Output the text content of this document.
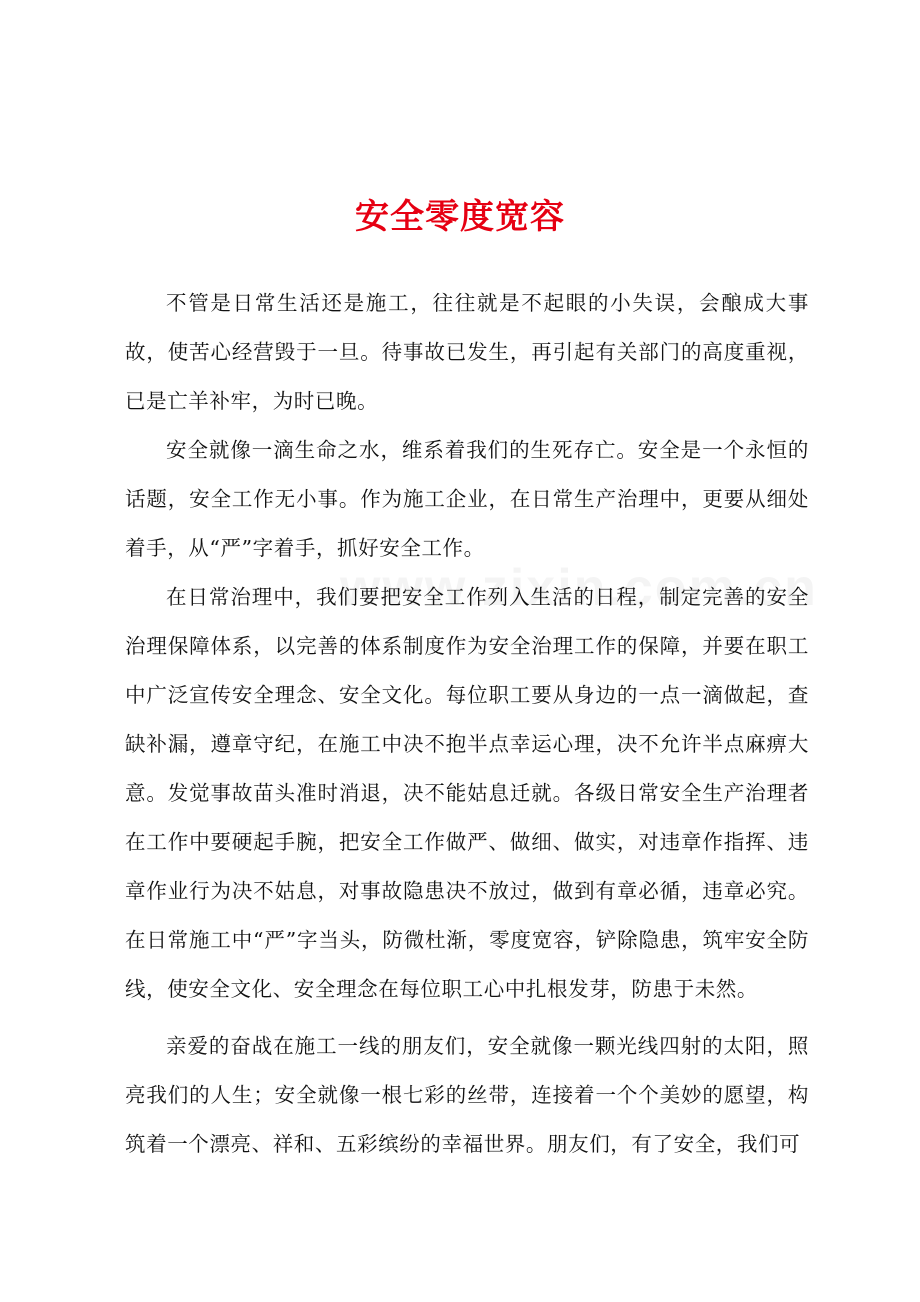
安全零度宽容

不管是日常生活还是施工，往往就是不起眼的小失误，会酿成大事故，使苦心经营毁于一旦。待事故已发生，再引起有关部门的高度重视，已是亡羊补牢，为时已晚。

安全就像一滴生命之水，维系着我们的生死存亡。安全是一个永恒的话题，安全工作无小事。作为施工企业，在日常生产治理中，更要从细处着手，从“严”字着手，抓好安全工作。

在日常治理中，我们要把安全工作列入生活的日程，制定完善的安全治理保障体系，以完善的体系制度作为安全治理工作的保障，并要在职工中广泛宣传安全理念、安全文化。每位职工要从身边的一点一滴做起，查缺补漏，遵章守纪，在施工中决不抱半点幸运心理，决不允许半点麻痹大意。发觉事故苗头准时消退，决不能姑息迁就。各级日常安全生产治理者在工作中要硬起手腕，把安全工作做严、做细、做实，对违章作指挥、违章作业行为决不姑息，对事故隐患决不放过，做到有章必循，违章必究。在日常施工中“严”字当头，防微杜渐，零度宽容，铲除隐患，筑牢安全防线，使安全文化、安全理念在每位职工心中扎根发芽，防患于未然。

亲爱的奋战在施工一线的朋友们，安全就像一颗光线四射的太阳，照亮我们的人生；安全就像一根七彩的丝带，连接着一个个美妙的愿望，构筑着一个漂亮、祥和、五彩缤纷的幸福世界。朋友们，有了安全，我们可
